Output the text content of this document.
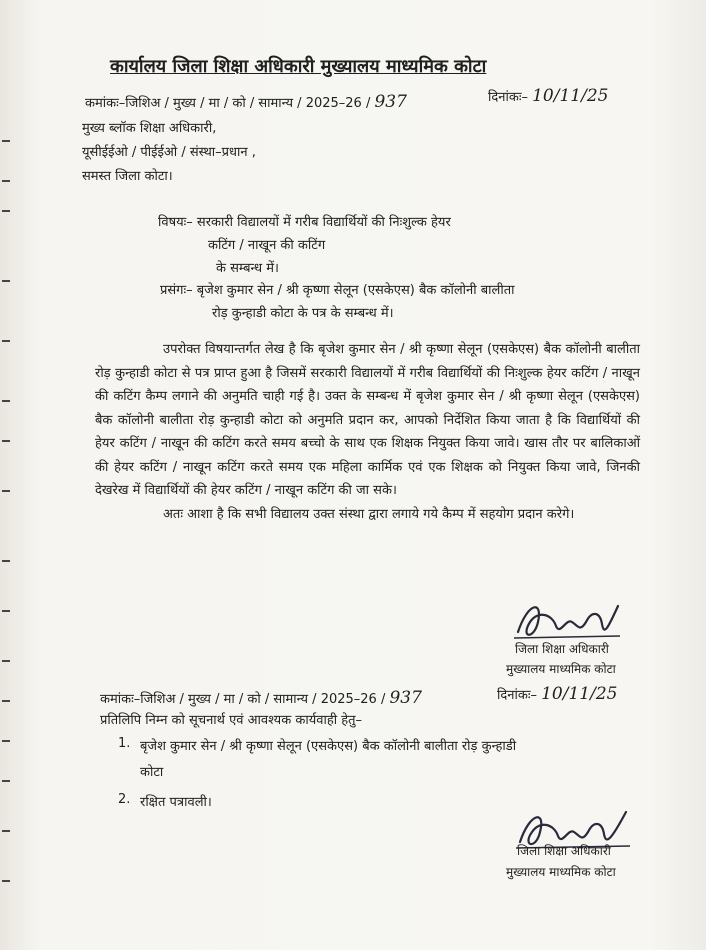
कार्यालय जिला शिक्षा अधिकारी मुख्यालय माध्यमिक कोटा
कमांकः–जिशिअ / मुख्य / मा / को / सामान्य / 2025–26 / 937	दिनांकः– 10/11/25
मुख्य ब्लॉक शिक्षा अधिकारी,
यूसीईईओ / पीईईओ / संस्था–प्रधान ,
समस्त जिला कोटा।
विषयः– सरकारी विद्यालयों में गरीब विद्यार्थियों की निःशुल्क हेयर
कटिंग / नाखून की कटिंग
के सम्बन्ध में।
प्रसंगः– बृजेश कुमार सेन / श्री कृष्णा सेलून (एसकेएस) बैक कॉलोनी बालीता
रोड़ कुन्हाडी कोटा के पत्र के सम्बन्ध में।
उपरोक्त विषयान्तर्गत लेख है कि बृजेश कुमार सेन / श्री कृष्णा सेलून (एसकेएस) बैक कॉलोनी बालीता रोड़ कुन्हाडी कोटा से पत्र प्राप्त हुआ है जिसमें सरकारी विद्यालयों में गरीब विद्यार्थियों की निःशुल्क हेयर कटिंग / नाखून की कटिंग कैम्प लगाने की अनुमति चाही गई है। उक्त के सम्बन्ध में बृजेश कुमार सेन / श्री कृष्णा सेलून (एसकेएस) बैक कॉलोनी बालीता रोड़ कुन्हाडी कोटा को अनुमति प्रदान कर, आपको निर्देशित किया जाता है कि विद्यार्थियों की हेयर कटिंग / नाखून की कटिंग करते समय बच्चो के साथ एक शिक्षक नियुक्त किया जावे। खास तौर पर बालिकाओं की हेयर कटिंग / नाखून कटिंग करते समय एक महिला कार्मिक एवं एक शिक्षक को नियुक्त किया जावे, जिनकी देखरेख में विद्यार्थियों की हेयर कटिंग / नाखून कटिंग की जा सके।
अतः आशा है कि सभी विद्यालय उक्त संस्था द्वारा लगाये गये कैम्प में सहयोग प्रदान करेगे।
जिला शिक्षा अधिकारी
मुख्यालय माध्यमिक कोटा
कमांकः–जिशिअ / मुख्य / मा / को / सामान्य / 2025–26 / 937	दिनांकः– 10/11/25
प्रतिलिपि निम्न को सूचनार्थ एवं आवश्यक कार्यवाही हेतु–
1. बृजेश कुमार सेन / श्री कृष्णा सेलून (एसकेएस) बैक कॉलोनी बालीता रोड़ कुन्हाडी
कोटा
2. रक्षित पत्रावली।
जिला शिक्षा अधिकारी
मुख्यालय माध्यमिक कोटा
